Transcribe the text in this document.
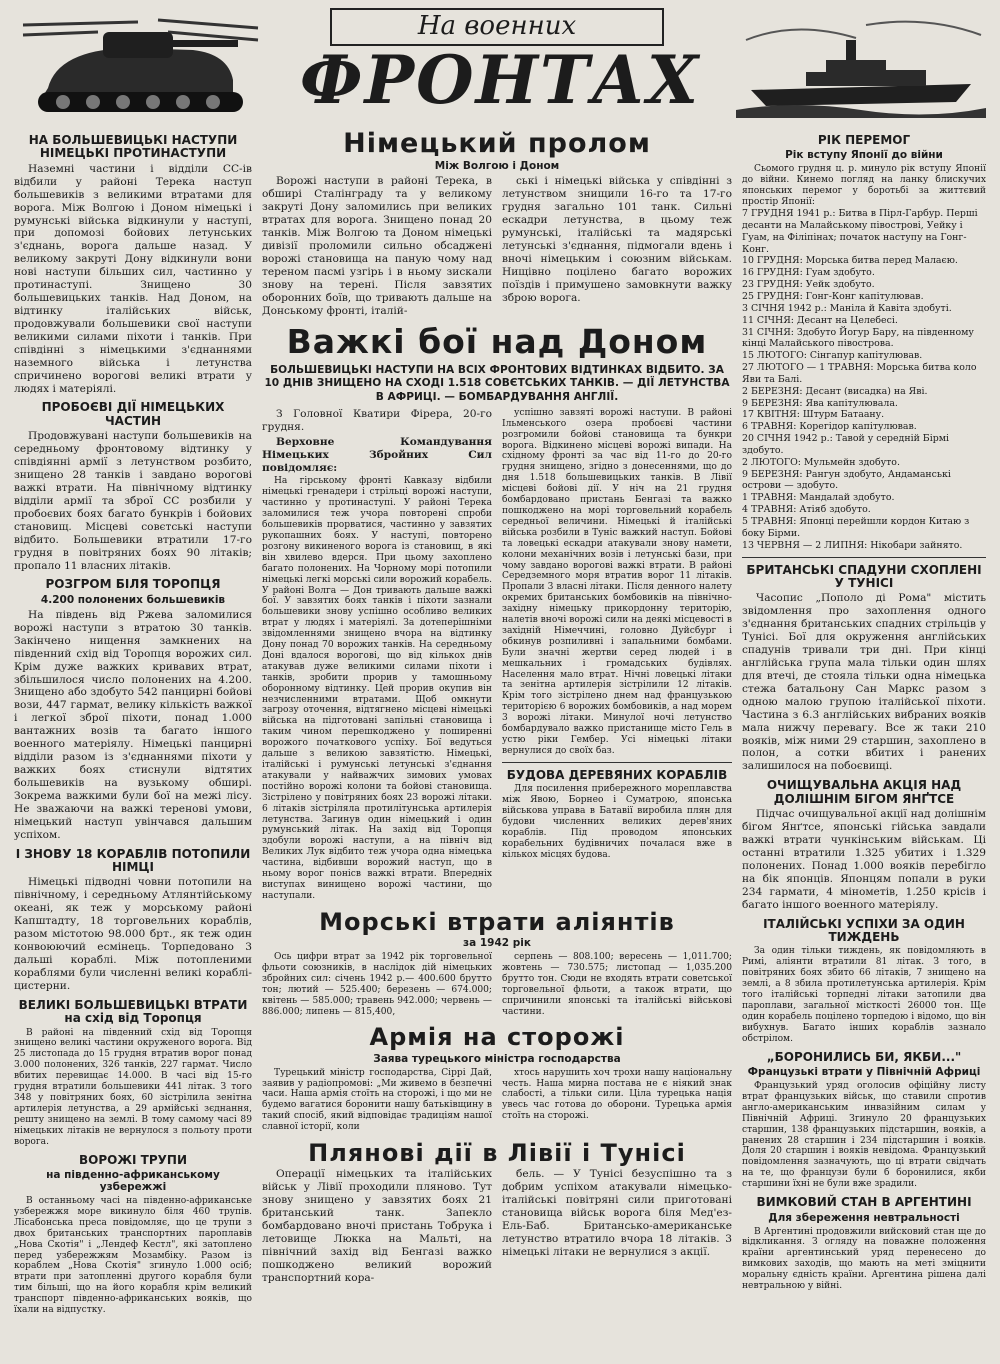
На военних
ФРОНТАХ
НА БОЛЬШЕВИЦЬКІ НАСТУПИ НІМЕЦЬКІ ПРОТИНАСТУПИ

Наземні частини і відділи СС-ів відбили у районі Терека наступ большевиків з великими втратами для ворога. Між Волгою і Доном німецькі і румунські війська відкинули у наступі, при допомозі бойових летунських з'єднань, ворога дальше назад. У великому закруті Дону відкинули вони нові наступи більших сил, частинно у протинаступі. Знищено 30 большевицьких танків. Над Доном, на відтинку італійських військ, продовжували большевики свої наступи великими силами піхоти і танків. При співдінні з німецькими з'єднаннями наземного війська і летунства спричинено ворогові великі втрати у людях і матеріялі.

ПРОБОЄВІ ДІЇ НІМЕЦЬКИХ ЧАСТИН

Продовжувані наступи большевиків на середньому фронтовому відтинку у співдіянні армії з летунством розбито, знищено 28 танків і завдано ворогові важкі втрати. На північному відтинку відділи армії та зброї СС розбили у пробоєвих боях багато бункрів і бойових становищ. Місцеві совєтські наступи відбито. Большевики втратили 17-го грудня в повітряних боях 90 літаків; пропало 11 власних літаків.

РОЗГРОМ БІЛЯ ТОРОПЦЯ
4.200 полонених большевиків

На південь від Ржева заломилися ворожі наступи з втратою 30 танків. Закінчено нищення замкнених на південний схід від Торопця ворожих сил. Крім дуже важких кривавих втрат, збільшилося число полонених на 4.200. Знищено або здобуто 542 панцирні бойові вози, 447 гармат, велику кількість важкої і легкої зброї піхоти, понад 1.000 вантажних возів та багато іншого военного матеріялу. Німецькі панцирні відділи разом із з'єднаннями піхоти у важких боях стиснули відтятих большевиків на вузькому обширі. Зокрема важкими були бої на межі лісу. Не зважаючи на важкі теренові умови, німецький наступ увінчався дальшим успіхом.

І ЗНОВУ 18 КОРАБЛІВ ПОТОПИЛИ НІМЦІ

Німецькі підводні човни потопили на північному, і середньому Атлянтійському океані, як теж у морському районі Капштадту, 18 торговельних кораблів, разом містотою 98.000 брт., як теж один конвоюючий есмінець. Торпедовано 3 дальші кораблі. Між потопленими кораблями були численні великі кораблі-цистерни.

ВЕЛИКІ БОЛЬШЕВИЦЬКІ ВТРАТИ на схід від Торопця

В районі на південний схід від Торопця знищено великі частини окруженого ворога. Від 25 листопада до 15 грудня втратив ворог понад 3.000 полонених, 326 танків, 227 гармат. Число вбитих перевищає 14.000. В часі від 15-го грудня втратили большевики 441 літак. З того 348 у повітряних боях, 60 зістрілила зенітна артилерія летунства, а 29 армійські зєднання, решту знищено на землі. В тому самому часі 89 німецьких літаків не вернулося з польоту проти ворога.

ВОРОЖІ ТРУПИ
на південно-африканському узбережжі

В останньому часі на південно-африканське узбережжя море викинуло біля 460 трупів. Лісабонська преса повідомляє, що це трупи з двох британських транспортних пароплавів „Нова Скотія" і „Лендеф Кестл", які затоплено перед узбережжям Мозамбіку. Разом із кораблем „Нова Скотія" згинуло 1.000 осіб; втрати при затопленні другого корабля були тим більші, що на його корабля крім великий транспорт південно-африканських вояків, що їхали на відпустку.

Німецький пролом
Між Волгою і Доном

Ворожі наступи в районі Терека, в обширі Сталінграду та у великому закруті Дону заломились при великих втратах для ворога. Знищено понад 20 танків. Між Волгою та Доном німецькі дивізії проломили сильно обсаджені ворожі становища на паную чому над тереном пасмі узгірь і в ньому зискали знову на терені. Після завзятих оборонних боїв, що тривають дальше на Донському фронті, італій-

ські і німецькі війська у співдінні з летунством знищили 16-го та 17-го грудня загально 101 танк. Сильні ескадри летунства, в цьому теж румунські, італійські та мадярські летунські з'єднання, підмогали вдень і вночі німецьким і союзним військам. Нищівно поцілено багато ворожих поїздів і примушено замовкнути важку зброю ворога.

Важкі бої над Доном
БОЛЬШЕВИЦЬКІ НАСТУПИ НА ВСІХ ФРОНТОВИХ ВІДТИНКАХ ВІДБИТО. ЗА 10 ДНІВ ЗНИЩЕНО НА СХОДІ 1.518 СОВЄТСЬКИХ ТАНКІВ. — ДІЇ ЛЕТУНСТВА В АФРИЦІ. — БОМБАРДУВАННЯ АНГЛІЇ.

З Головної Кватири Фірера, 20-го грудня.

Верховне Командування Німецьких Збройних Сил повідомляє:

На гірському фронті Кавказу відбили німецькі гренадери і стрільці ворожі наступи, частинно у протинаступі. У районі Терека заломилися теж учора повторені спроби большевиків прорватися, частинно у завзятих рукопашних боях. У наступі, повторено розгону викиненого ворога із становищ, в які він хвилево вдерся. При цьому захоплено багато полонених. На Чорному морі потопили німецькі легкі морські сили ворожий корабель. У районі Волга — Дон тривають дальше важкі бої. У завзятих боях танків і піхоти зазнали большевики знову успішно особливо великих втрат у людях і матеріялі. За дотеперішніми звідомленнями знищено вчора на відтинку Дону понад 70 ворожих танків. На середньому Доні вдалося ворогові, що від кількох днів атакував дуже великими силами піхоти і танків, зробити прорив у тамошньому оборонному відтинку. Цей прорив окупив він незчисленними втратами. Щоб омкнути загрозу оточення, відтягнено місцеві німецькі війська на підготовані запільні становища і таким чином перешкоджено у поширенні ворожого початкового успіху. Бої ведуться дальше з великою завзятістю. Німецькі, італійські і румунські летунські з'єднання атакували у найважчих зимових умовах постійно ворожі колони та бойові становища. Зістрілено у повітряних боях 23 ворожі літаки. 6 літаків зістріляла протилітунська артилерія летунства. Загинув один німецький і один румунський літак. На захід від Торопця здобули ворожі наступи, а на північ від Великих Лук відбито теж учора одна німецька частина, відбивши ворожий наступ, що в ньому ворог понісв важкі втрати. Впередніх виступах винищено ворожі частини, що наступали.

успішно завзяті ворожі наступи. В районі Ільменського озера пробоєві частини розгромили бойові становища та бункри ворога. Відкинено місцеві ворожі випади. На східному фронті за час від 11-го до 20-го грудня знищено, згідно з донесеннями, що до дня 1.518 большевицьких танків. В Лівії місцеві бойові дії. У ніч на 21 грудня бомбардовано пристань Бенгазі та важко пошкоджено на морі торговельний корабель середньої величини. Німецькі й італійські війська розбили в Туніс важкий наступ. Бойові та ловецькі ескадри атакували знову намети, колони механічних возів і летунські бази, при чому завдано ворогові важкі втрати. В районі Середземного моря втратив ворог 11 літаків. Пропали 3 власні літаки. Після денного налету окремих британських бомбовиків на північно-західну німецьку прикордонну територію, налетів вночі ворожі сили на деякі місцевості в західній Німеччині, головно Дуйсбург і обкинув розпиливні і запальними бомбами. Були значні жертви серед людей і в мешкальних і громадських будівлях. Населення мало втрат. Нічні ловецькі літаки та зенітна артилерія зістрілили 12 літаків. Крім того зістрілено днем над французькою територією 6 ворожих бомбовиків, а над морем 3 ворожі літаки. Минулої ночі летунство бомбардувало важко пристанище місто Гель в устю ріки Гембер. Усі німецькі літаки вернулися до своїх баз.

БУДОВА ДЕРЕВЯНИХ КОРАБЛІВ

Для посилення прибережного мореплавства між Явою, Борнео і Суматрою, японська військова управа в Батавії виробила плян для будови численних великих дерев'яних кораблів. Під проводом японських корабельних будівничих почалася вже в кількох місцях будова.

Морські втрати аліянтів
за 1942 рік

Ось цифри втрат за 1942 рік торговельної фльоти союзників, в наслідок дій німецьких збройних сил: січень 1942 р.— 400.600 брутто тон; лютий — 525.400; березень — 674.000; квітень — 585.000; травень 942.000; червень — 886.000; липень — 815,400,

серпень — 808.100; вересень — 1,011.700; жовтень — 730.575; листопад — 1,035.200 брутто тон. Сюди не входять втрати советської торговельної фльоти, а також втрати, що спричинили японські та італійські військові частини.

Армія на сторожі
Заява турецького міністра господарства

Турецький міністр господарства, Сіррі Дай, заявив у радіопромові: „Ми живемо в безпечні часи. Наша армія стоїть на сторожі, і що ми не будемо вагатися боронити нашу батьківщину в такий спосіб, який відповідає традиціям нашої славної історії, коли

хтось нарушить хоч трохи нашу національну честь. Наша мирна постава не є ніякий знак слабості, а тільки сили. Ціла турецька нація увесь час готова до оборони. Турецька армія стоїть на сторожі.

Плянові дії в Лівії і Тунісі

Операції німецьких та італійських військ у Лівії проходили пляново. Тут знову знищено у завзятих боях 21 британський танк. Запекло бомбардовано вночі пристань Тобрука і летовище Люкка на Мальті, на північний захід від Бенгазі важко пошкоджено великий ворожий транспортний кора-

бель. — У Тунісі безуспішно та з добрим успіхом атакували німецько-італійські повітряні сили приготовані становища військ ворога біля Мед'ез-Ель-Баб. Британсько-американське летунство втратило вчора 18 літаків. 3 німецькі літаки не вернулися з акції.

РІК ПЕРЕМОГ
Рік вступу Японії до війни

Сьомого грудня ц. р. минуло рік вступу Японії до війни. Кинемо погляд на ланку блискучих японських перемог у боротьбі за життєвий простір Японії:

7 ГРУДНЯ 1941 р.: Битва в Пірл-Гарбур. Перші десанти на Малайському півострові, Уейку і Гуам, на Філіпінах; початок наступу на Гонг-Конг.

10 ГРУДНЯ: Морська битва перед Малаєю.

16 ГРУДНЯ: Гуам здобуто.

23 ГРУДНЯ: Уейк здобуто.

25 ГРУДНЯ: Гонг-Конг капітулював.

3 СІЧНЯ 1942 р.: Маніла й Кавіта здобуті.

11 СІЧНЯ: Десант на Целебесі.

31 СІЧНЯ: Здобуто Йогур Бару, на південному кінці Малайського півострова.

15 ЛЮТОГО: Сінгапур капітулював.

27 ЛЮТОГО — 1 ТРАВНЯ: Морська битва коло Яви та Балі.

2 БЕРЕЗНЯ: Десант (висадка) на Яві.

9 БЕРЕЗНЯ: Ява капітулювала.

17 КВІТНЯ: Штурм Батаану.

6 ТРАВНЯ: Корегідор капітулював.

20 СІЧНЯ 1942 р.: Тавой у середній Бірмі здобуто.

2 ЛЮТОГО: Мульмейн здобуто.

9 БЕРЕЗНЯ: Рангун здобуто, Андаманські острови — здобуто.

1 ТРАВНЯ: Мандалай здобуто.

4 ТРАВНЯ: Атіяб здобуто.

5 ТРАВНЯ: Японці перейшли кордон Китаю з боку Бірми.

13 ЧЕРВНЯ — 2 ЛИПНЯ: Нікобари зайнято.

БРИТАНСЬКІ СПАДУНИ СХОПЛЕНІ У ТУНІСІ

Часопис „Пополо ді Рома" містить звідомлення про захоплення одного з'єднання британських спадних стрільців у Тунісі. Бої для окруження англійських спадунів тривали три дні. При кінці англійська група мала тільки один шлях для втечі, де стояла тільки одна німецька стежа батальону Сан Маркс разом з одною малою групою італійської піхоти. Частина з 6.3 англійських вибраних вояків мала нижчу перевагу. Все ж таки 210 вояків, між ними 29 старшин, захоплено в полон, а сотки вбитих і ранених залишилося на побоєвищі.

ОЧИЩУВАЛЬНА АКЦІЯ НАД ДОЛІШНІМ БІГОМ ЯНҐТСЕ

Підчас очищувальної акції над долішнім бігом Янґтсе, японські гійська завдали важкі втрати чункінським військам. Ці останні втратили 1.325 убитих і 1.329 полонених. Понад 1.000 вояків перебігло на бік японців. Японцям попали в руки 234 гармати, 4 мінометів, 1.250 крісів і багато іншого военного матеріялу.

ІТАЛІЙСЬКІ УСПІХИ ЗА ОДИН ТИЖДЕНЬ

За один тільки тиждень, як повідомляють в Римі, аліянти втратили 81 літак. З того, в повітряних боях збито 66 літаків, 7 знищено на землі, а 8 збила протилетунська артилерія. Крім того італійські торпедні літаки затопили два пароплави, загальної місткості 26000 тон. Ще один корабель поцілено торпедою і відомо, що він вибухнув. Багато інших кораблів зазнало обстрілом.

„БОРОНИЛИСЬ БИ, ЯКБИ..."
Французькі втрати у Північній Африці

Французький уряд оголосив офіційну листу втрат французьких військ, що ставили спротив англо-американським инвазійним силам у Північній Африці. Згинуло 20 французьких старшин, 138 французьких підстаршин, вояків, а ранених 28 старшин і 234 підстаршин і вояків. Доля 20 старшин і вояків невідома. Французький повідомлення зазначують, що ці втрати свідчать на те, що французи були б боронилися, якби старшини їхні не були вже зрадили.

ВИМКОВИЙ СТАН В АРГЕНТИНІ
Для збереження невтральності

В Аргентині продовжили вийсковий стан ще до відкликання. З огляду на поважне положення країни аргентинський уряд перенесено до вимкових заходів, що мають на меті зміцнити моральну єдність країни. Аргентина рішена далі невтральною у війні.
